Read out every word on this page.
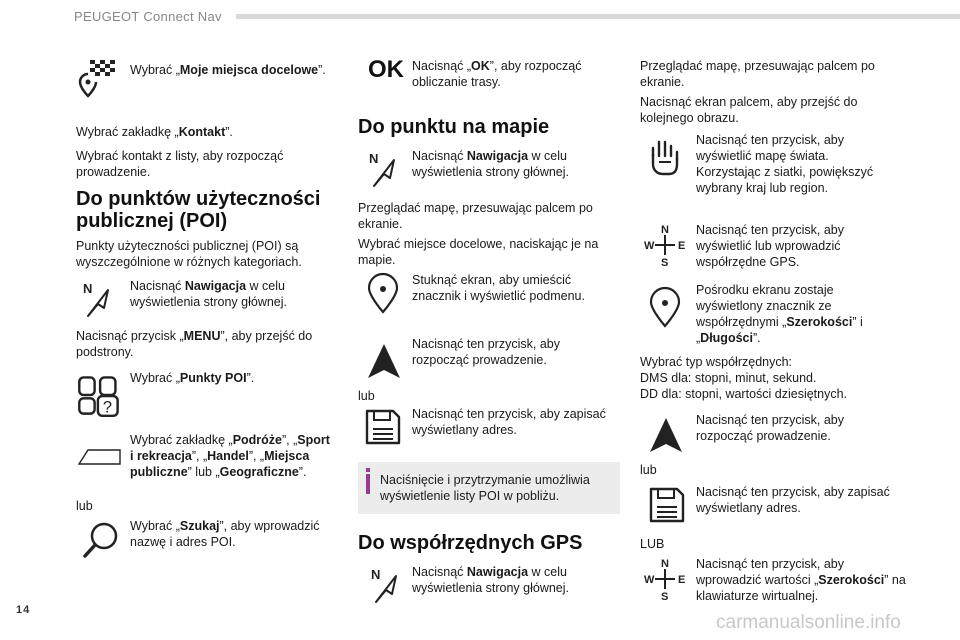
PEUGEOT Connect Nav
Wybrać „Moje miejsca docelowe”.
Wybrać zakładkę „Kontakt”.
Wybrać kontakt z listy, aby rozpocząć prowadzenie.
Do punktów użyteczności publicznej (POI)
Punkty użyteczności publicznej (POI) są wyszczególnione w różnych kategoriach.
N	Nacisnąć Nawigacja w celu wyświetlenia strony głównej.
Nacisnąć przycisk „MENU”, aby przejść do podstrony.
?
Wybrać „Punkty POI”.
Wybrać zakładkę „Podróże”, „Sport i rekreacja”, „Handel”, „Miejsca publiczne” lub „Geograficzne”.
lub
Wybrać „Szukaj”, aby wprowadzić nazwę i adres POI.
OK Nacisnąć „OK”, aby rozpocząć obliczanie trasy.
Do punktu na mapie
N	Nacisnąć Nawigacja w celu wyświetlenia strony głównej.
Przeglądać mapę, przesuwając palcem po ekranie.
Wybrać miejsce docelowe, naciskając je na mapie.
Stuknąć ekran, aby umieścić znacznik i wyświetlić podmenu.
Nacisnąć ten przycisk, aby rozpocząć prowadzenie.
lub
Nacisnąć ten przycisk, aby zapisać wyświetlany adres.
Naciśnięcie i przytrzymanie umożliwia wyświetlenie listy POI w pobliżu.
Do współrzędnych GPS
N	Nacisnąć Nawigacja w celu wyświetlenia strony głównej.
Przeglądać mapę, przesuwając palcem po ekranie.
Nacisnąć ekran palcem, aby przejść do kolejnego obrazu.
Nacisnąć ten przycisk, aby wyświetlić mapę świata. Korzystając z siatki, powiększyć wybrany kraj lub region.
N
W E
S
Nacisnąć ten przycisk, aby wyświetlić lub wprowadzić współrzędne GPS.
Pośrodku ekranu zostaje wyświetlony znacznik ze współrzędnymi „Szerokości” i „Długości”.
Wybrać typ współrzędnych:
DMS dla: stopni, minut, sekund.
DD dla: stopni, wartości dziesiętnych.
Nacisnąć ten przycisk, aby rozpocząć prowadzenie.
lub
Nacisnąć ten przycisk, aby zapisać wyświetlany adres.
LUB
N
W E
S
Nacisnąć ten przycisk, aby wprowadzić wartości „Szerokości” na klawiaturze wirtualnej.
14
carmanualsonline.info
